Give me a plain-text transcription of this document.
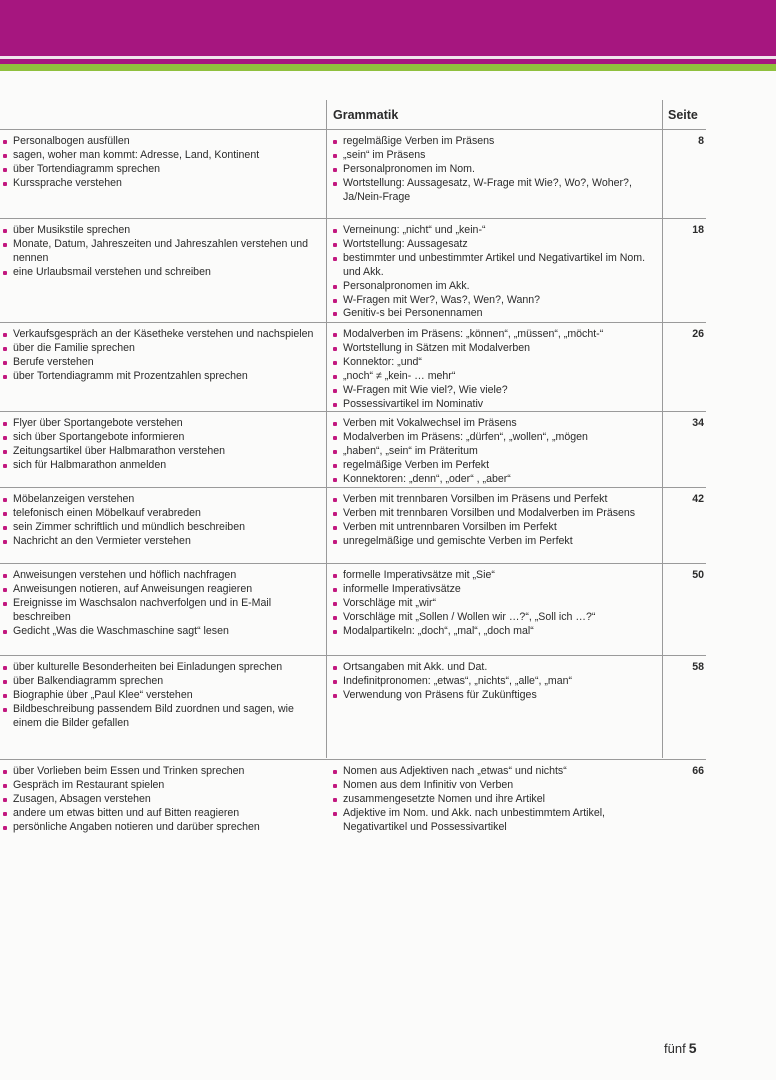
Grammatik	Seite
Personalbogen ausfüllen
sagen, woher man kommt: Adresse, Land, Kontinent
über Tortendiagramm sprechen
Kurssprache verstehen
regelmäßige Verben im Präsens
„sein“ im Präsens
Personalpronomen im Nom.
Wortstellung: Aussagesatz, W-Frage mit Wie?, Wo?, Woher?, Ja/Nein-Frage
8
über Musikstile sprechen
Monate, Datum, Jahreszeiten und Jahreszahlen verstehen und nennen
eine Urlaubsmail verstehen und schreiben
Verneinung: „nicht“ und „kein-“
Wortstellung: Aussagesatz
bestimmter und unbestimmter Artikel und Negativartikel im Nom. und Akk.
Personalpronomen im Akk.
W-Fragen mit Wer?, Was?, Wen?, Wann?
Genitiv-s bei Personennamen
18
Verkaufsgespräch an der Käsetheke verstehen und nachspielen
über die Familie sprechen
Berufe verstehen
über Tortendiagramm mit Prozentzahlen sprechen
Modalverben im Präsens: „können“, „müssen“, „möcht-“
Wortstellung in Sätzen mit Modalverben
Konnektor: „und“
„noch“ ≠ „kein- … mehr“
W-Fragen mit Wie viel?, Wie viele?
Possessivartikel im Nominativ
26
Flyer über Sportangebote verstehen
sich über Sportangebote informieren
Zeitungsartikel über Halbmarathon verstehen
sich für Halbmarathon anmelden
Verben mit Vokalwechsel im Präsens
Modalverben im Präsens: „dürfen“, „wollen“, „mögen
„haben“, „sein“ im Präteritum
regelmäßige Verben im Perfekt
Konnektoren: „denn“, „oder“ , „aber“
34
Möbelanzeigen verstehen
telefonisch einen Möbelkauf verabreden
sein Zimmer schriftlich und mündlich beschreiben
Nachricht an den Vermieter verstehen
Verben mit trennbaren Vorsilben im Präsens und Perfekt
Verben mit trennbaren Vorsilben und Modalverben im Präsens
Verben mit untrennbaren Vorsilben im Perfekt
unregelmäßige und gemischte Verben im Perfekt
42
Anweisungen verstehen und höflich nachfragen
Anweisungen notieren, auf Anweisungen reagieren
Ereignisse im Waschsalon nachverfolgen und in E-Mail beschreiben
Gedicht „Was die Waschmaschine sagt“ lesen
formelle Imperativsätze mit „Sie“
informelle Imperativsätze
Vorschläge mit „wir“
Vorschläge mit „Sollen / Wollen wir …?“, „Soll ich …?“
Modalpartikeln: „doch“, „mal“, „doch mal“
50
über kulturelle Besonderheiten bei Einladungen sprechen
über Balkendiagramm sprechen
Biographie über „Paul Klee“ verstehen
Bildbeschreibung passendem Bild zuordnen und sagen, wie einem die Bilder gefallen
Ortsangaben mit Akk. und Dat.
Indefinitpronomen: „etwas“, „nichts“, „alle“, „man“
Verwendung von Präsens für Zukünftiges
58
über Vorlieben beim Essen und Trinken sprechen
Gespräch im Restaurant spielen
Zusagen, Absagen verstehen
andere um etwas bitten und auf Bitten reagieren
persönliche Angaben notieren und darüber sprechen
Nomen aus Adjektiven nach „etwas“ und nichts“
Nomen aus dem Infinitiv von Verben
zusammengesetzte Nomen und ihre Artikel
Adjektive im Nom. und Akk. nach unbestimmtem Artikel, Negativartikel und Possessivartikel
66
fünf 5
